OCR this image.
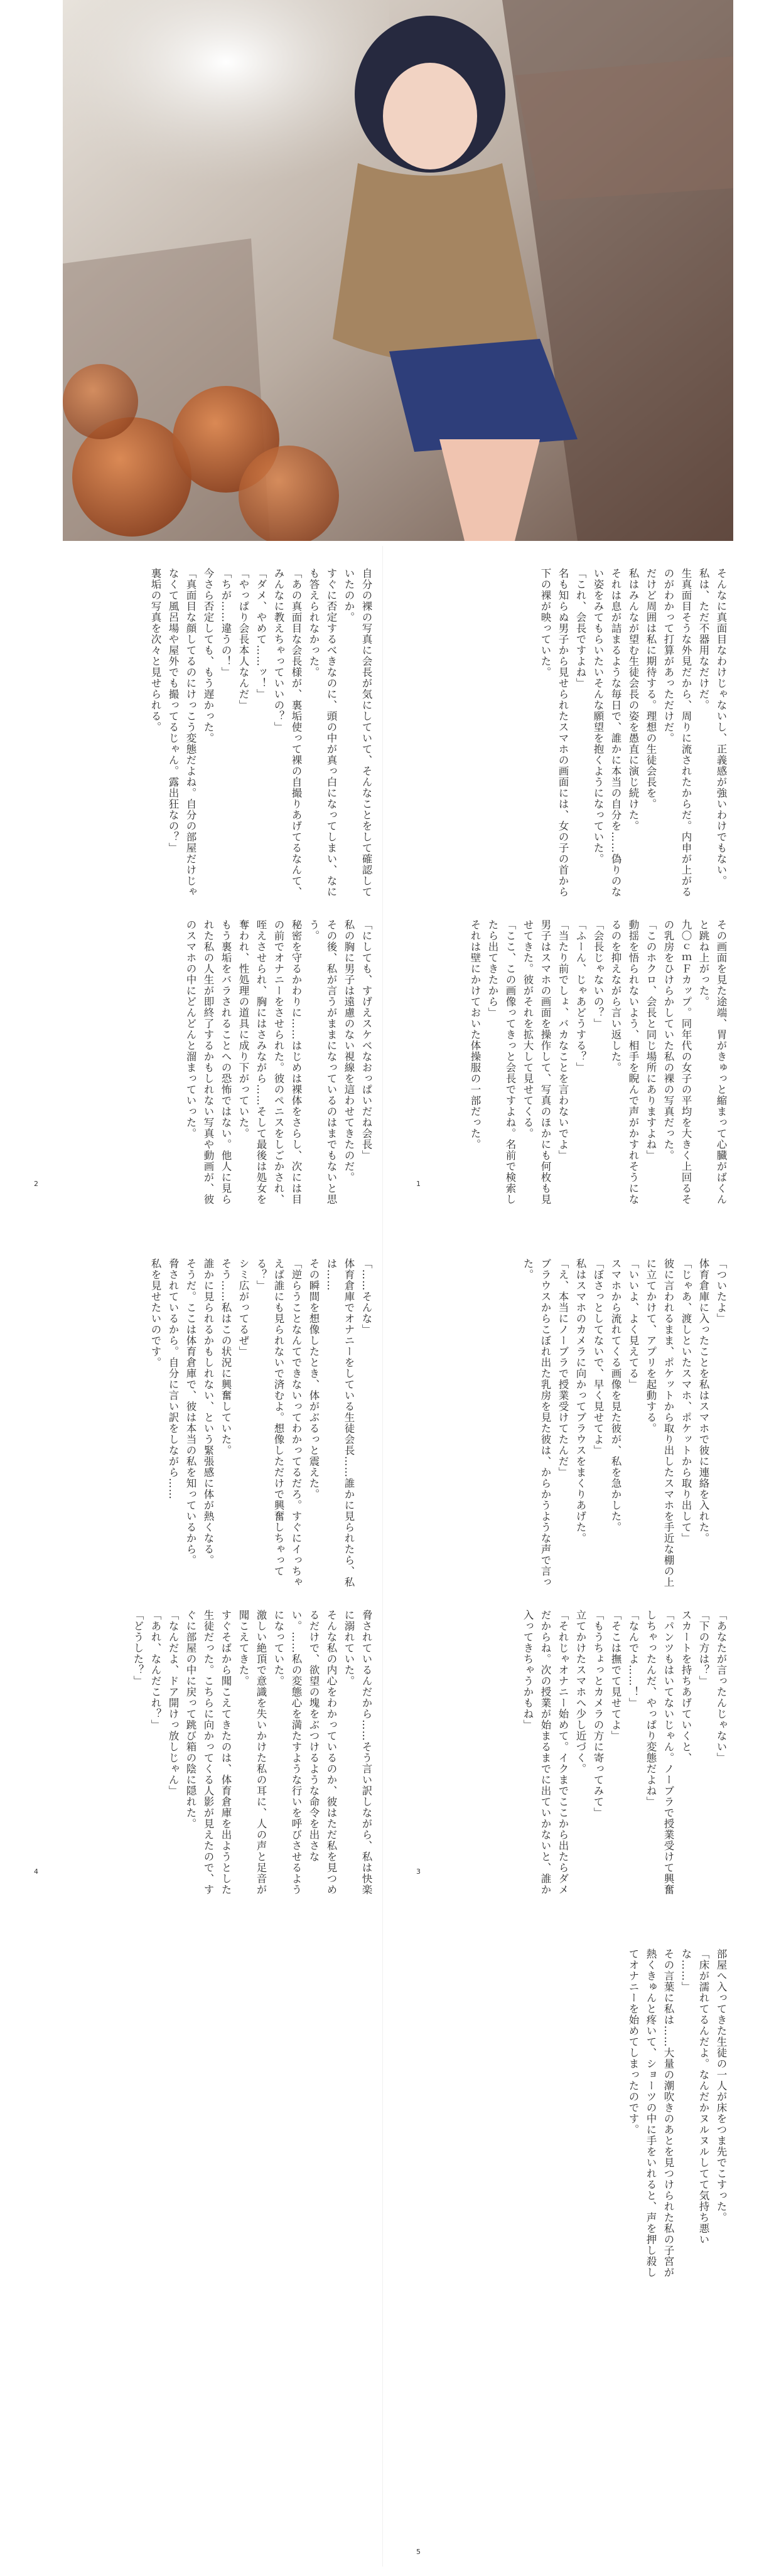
そんなに真面目なわけじゃないし、正義感が強いわけでもない。
私は、ただ不器用なだけだ。
生真面目そうな外見だから、周りに流されたからだ。内申が上がるのがわかって打算があっただけだ。
だけど周囲は私に期待する。理想の生徒会長を。
私はみんなが望む生徒会長の姿を愚直に演じ続けた。
それは息が詰まるような毎日で、誰かに本当の自分を……偽りのない姿をみてもらいたいそんな願望を抱くようになっていた。
「これ、会長ですよね」
名も知らぬ男子から見せられたスマホの画面には、女の子の首から下の裸が映っていた。

その画面を見た途端、胃がきゅっと縮まって心臓がばくんと跳ね上がった。
九〇ｃｍＦカップ。同年代の女子の平均を大きく上回るその乳房をひけらかしていた私の裸の写真だった。
「このホクロ、会長と同じ場所にありますよね」
動揺を悟られないよう、相手を睨んで声がかすれそうになるのを抑えながら言い返した。
「会長じゃないの？」
「ふーん、じゃあどうする？」
「当たり前でしょ、バカなことを言わないでよ」
男子はスマホの画面を操作して、写真のほかにも何枚も見せてきた。彼がそれを拡大して見せてくる。
「ここ、この画像ってきっと会長ですよね。名前で検索したら出てきたから」
それは壁にかけておいた体操服の一部だった。

1
自分の裸の写真に会長が気にしていて、そんなことをして確認していたのか。
すぐに否定するべきなのに、頭の中が真っ白になってしまい、なにも答えられなかった。
「あの真面目な会長様が、裏垢使って裸の自撮りあげてるなんて、みんなに教えちゃっていいの？」
「ダメ、やめて……ッ！」
「やっぱり会長本人なんだ」
「ちが……違うの！」
今さら否定しても、もう遅かった。
「真面目な顔してるのにけっこう変態だよね。自分の部屋だけじゃなくて風呂場や屋外でも撮ってるじゃん。露出狂なの？」
裏垢の写真を次々と見せられる。

「にしても、すげえスケベなおっぱいだね会長」
私の胸に男子は遠慮のない視線を這わせてきたのだ。
その後、私が言うがままになっているのはまでもないと思う。
秘密を守るかわりに……はじめは裸体をさらし、次には目の前でオナニーをさせられた。彼のペニスをしごかされ、咥えさせられ、胸にはさみながら……そして最後は処女を奪われ、性処理の道具に成り下がっていた。
もう裏垢をバラされることへの恐怖ではない。他人に見られた私の人生が即終了するかもしれない写真や動画が、彼のスマホの中にどんどんと溜まっていった。

2
「ついたよ」
体育倉庫に入ったことを私はスマホで彼に連絡を入れた。
「じゃあ、渡しといたスマホ、ポケットから取り出して」
彼に言われるまま、ポケットから取り出したスマホを手近な棚の上に立てかけて、アプリを起動する。
「いいよ、よく見えてる」
スマホから流れてくる画像を見た彼が、私を急かした。
「ぼさっとしてないで、早く見せてよ」
私はスマホのカメラに向かってブラウスをまくりあげた。
「え、本当にノーブラで授業受けてたんだ」
ブラウスからこぼれ出た乳房を見た彼は、からかうような声で言った。

「あなたが言ったんじゃない」
「下の方は？」
スカートを持ちあげていくと、
「パンツもはいてないじゃん。ノーブラで授業受けて興奮しちゃったんだ、やっぱり変態だよね」
「なんでよ……！」
「そこは撫でて見せてよ」
「もうちょっとカメラの方に寄ってみて」
立てかけたスマホへ少し近づく。
「それじゃオナニー始めて。イクまでここから出たらダメだからね。次の授業が始まるまでに出ていかないと、誰か入ってきちゃうかもね」

3
「……そんな」
体育倉庫でオナニーをしている生徒会長……誰かに見られたら、私は……
その瞬間を想像したとき、体がぶるっと震えた。
「逆らうことなんてできないってわかってるだろ。すぐにイっちゃえば誰にも見られないで済むよ。想像しただけで興奮しちゃってる？」
シミ広がってるぜ」
そう……私はこの状況に興奮していた。
誰かに見られるかもしれない、という緊張感に体が熱くなる。
そうだ。ここは体育倉庫で、彼は本当の私を知っているから。
脅されているから。自分に言い訳をしながら……
私を見せたいのです。

脅されているんだから……そう言い訳しながら、私は快楽に溺れていた。
そんな私の内心をわかっているのか、彼はただ私を見つめるだけで、欲望の塊をぶつけるような命令を出さない。……私の変態心を満たすような行いを呼びさせるようになっていた。
激しい絶頂で意識を失いかけた私の耳に、人の声と足音が聞こえてきた。
すぐそばから聞こえてきたのは、体育倉庫を出ようとした生徒だった。こちらに向かってくる人影が見えたので、すぐに部屋の中に戻って跳び箱の陰に隠れた。
「なんだよ、ドア開けっ放しじゃん」
「あれ、なんだこれ？」
「どうした？」

4
部屋へ入ってきた生徒の一人が床をつま先でこすった。
「床が濡れてるんだよ。なんだかヌルヌルしてて気持ち悪いな……」
その言葉に私は……大量の潮吹きのあとを見つけられた私の子宮が熱くきゅんと疼いて、ショーツの中に手をいれると、声を押し殺してオナニーを始めてしまったのです。

5
